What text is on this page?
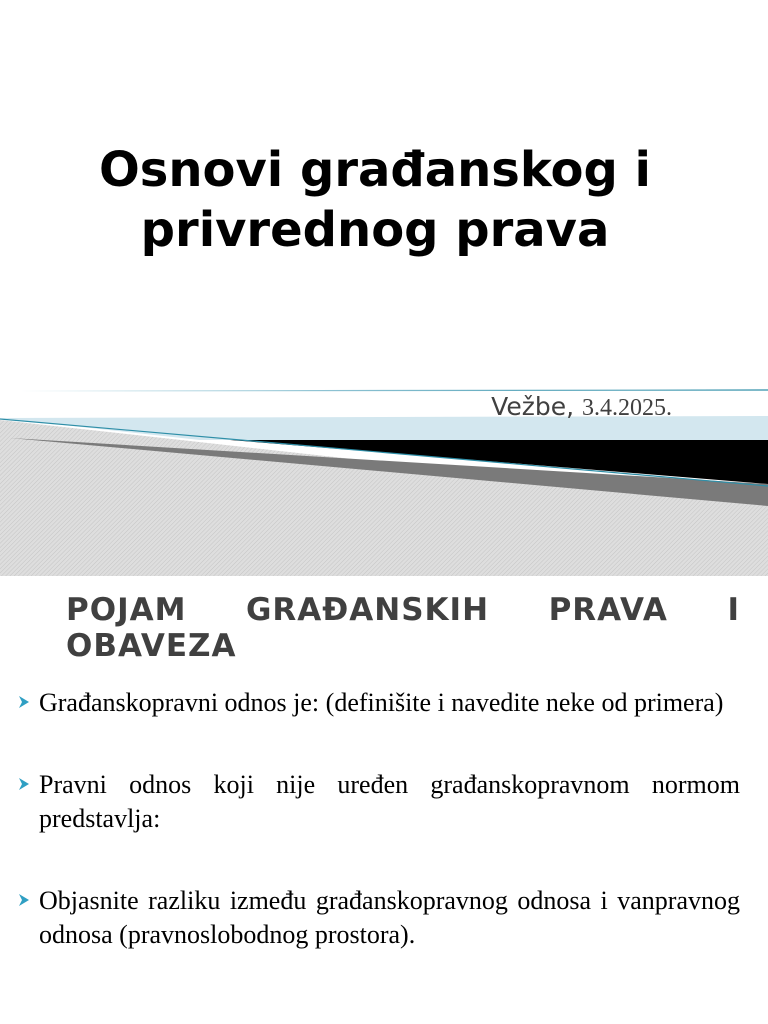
Osnovi građanskog i
privrednog prava
Vežbe, 3.4.2025.
POJAM GRAĐANSKIH PRAVA I OBAVEZA
Građanskopravni odnos je: (definišite i navedite neke od primera)
Pravni odnos koji nije uređen građanskopravnom normom predstavlja:
Objasnite razliku između građanskopravnog odnosa i vanpravnog odnosa (pravnoslobodnog prostora).
